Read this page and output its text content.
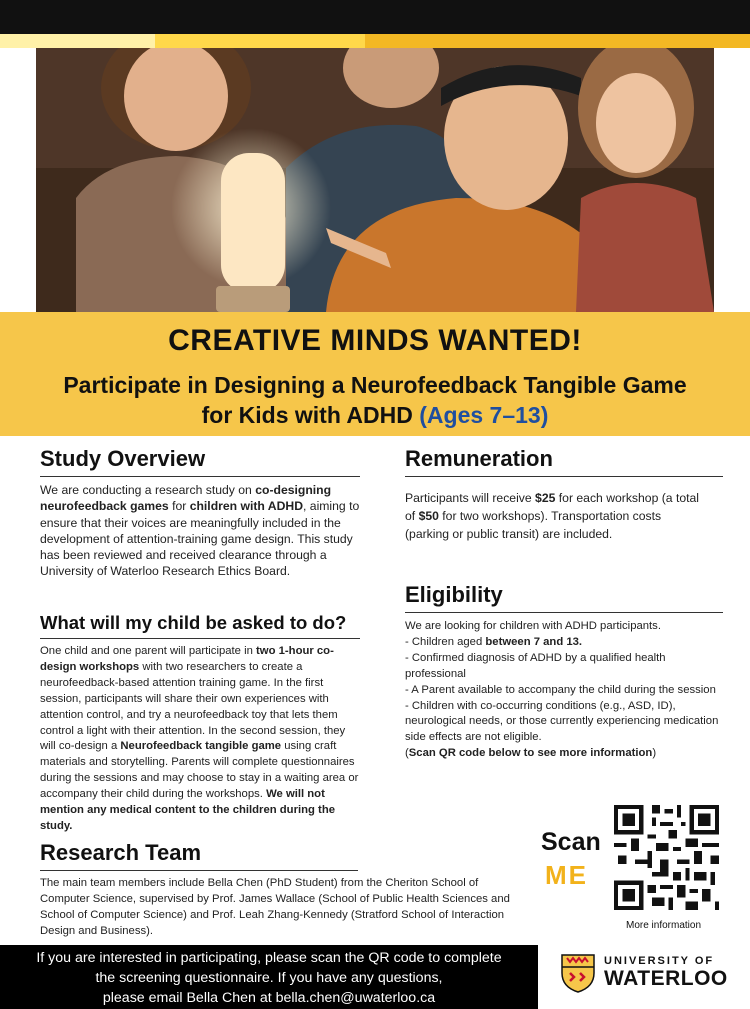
CREATIVE MINDS WANTED!
Participate in Designing a Neurofeedback Tangible Game
for Kids with ADHD (Ages 7–13)
Study Overview

We are conducting a research study on co-designing neurofeedback games for children with ADHD, aiming to ensure that their voices are meaningfully included in the development of attention-training game design. This study has been reviewed and received clearance through a University of Waterloo Research Ethics Board.

What will my child be asked to do?

One child and one parent will participate in two 1-hour co-design workshops with two researchers to create a neurofeedback-based attention training game. In the first session, participants will share their own experiences with attention control, and try a neurofeedback toy that lets them control a light with their attention. In the second session, they will co-design a Neurofeedback tangible game using craft materials and storytelling. Parents will complete questionnaires during the sessions and may choose to stay in a waiting area or accompany their child during the workshops. We will not mention any medical content to the children during the study.

Research Team

The main team members include Bella Chen (PhD Student) from the Cheriton School of Computer Science, supervised by Prof. James Wallace (School of Public Health Sciences and School of Computer Science) and Prof. Leah Zhang-Kennedy (Stratford School of Interaction Design and Business).

Remuneration

Participants will receive $25 for each workshop (a total of $50 for two workshops). Transportation costs (parking or public transit) are included.

Eligibility

We are looking for children with ADHD participants.

- Children aged between 7 and 13.

- Confirmed diagnosis of ADHD by a qualified health professional

- A Parent available to accompany the child during the session

- Children with co-occurring conditions (e.g., ASD, ID), neurological needs, or those currently experiencing medication side effects are not eligible.

(Scan QR code below to see more information)

Scan
ME
More information
If you are interested in participating, please scan the QR code to complete
the screening questionnaire. If you have any questions,
please email Bella Chen at bella.chen@uwaterloo.ca
UNIVERSITY OF
WATERLOO
